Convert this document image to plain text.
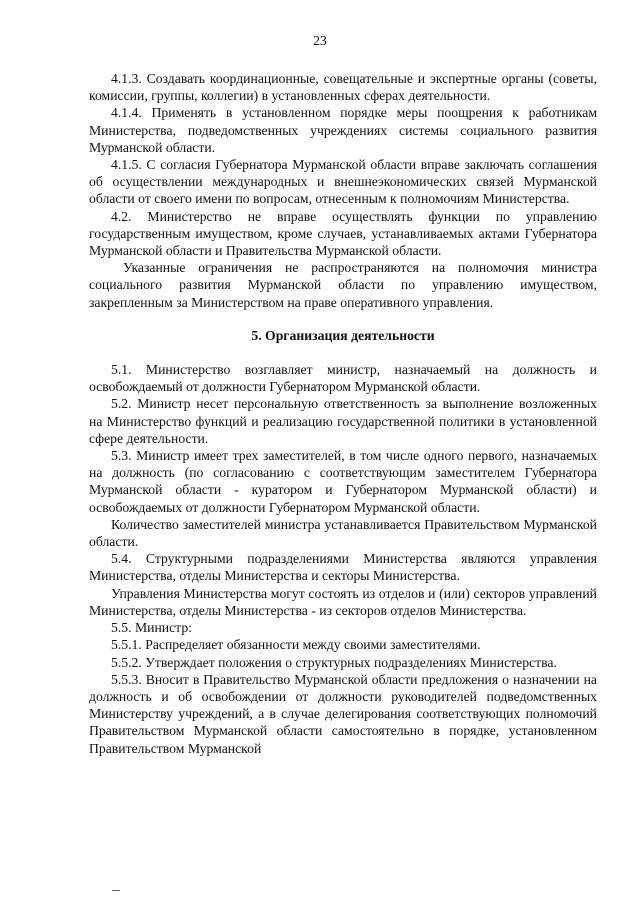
23

4.1.3. Создавать координационные, совещательные и экспертные органы (советы, комиссии, группы, коллегии) в установленных сферах деятельности.

4.1.4. Применять в установленном порядке меры поощрения к работникам Министерства, подведомственных учреждениях системы социального развития Мурманской области.

4.1.5. С согласия Губернатора Мурманской области вправе заключать соглашения об осуществлении международных и внешнеэкономических связей Мурманской области от своего имени по вопросам, отнесенным к полномочиям Министерства.

4.2. Министерство не вправе осуществлять функции по управлению государственным имуществом, кроме случаев, устанавливаемых актами Губернатора Мурманской области и Правительства Мурманской области.

Указанные ограничения не распространяются на полномочия министра социального развития Мурманской области по управлению имуществом, закрепленным за Министерством на праве оперативного управления.

5. Организация деятельности

5.1. Министерство возглавляет министр, назначаемый на должность и освобождаемый от должности Губернатором Мурманской области.

5.2. Министр несет персональную ответственность за выполнение возложенных на Министерство функций и реализацию государственной политики в установленной сфере деятельности.

5.3. Министр имеет трех заместителей, в том числе одного первого, назначаемых на должность (по согласованию с соответствующим заместителем Губернатора Мурманской области - куратором и Губернатором Мурманской области) и освобождаемых от должности Губернатором Мурманской области.

Количество заместителей министра устанавливается Правительством Мурманской области.

5.4. Структурными подразделениями Министерства являются управления Министерства, отделы Министерства и секторы Министерства.

Управления Министерства могут состоять из отделов и (или) секторов управлений Министерства, отделы Министерства - из секторов отделов Министерства.

5.5. Министр:

5.5.1. Распределяет обязанности между своими заместителями.

5.5.2. Утверждает положения о структурных подразделениях Министерства.

5.5.3. Вносит в Правительство Мурманской области предложения о назначении на должность и об освобождении от должности руководителей подведомственных Министерству учреждений, а в случае делегирования соответствующих полномочий Правительством Мурманской области самостоятельно в порядке, установленном Правительством Мурманской
